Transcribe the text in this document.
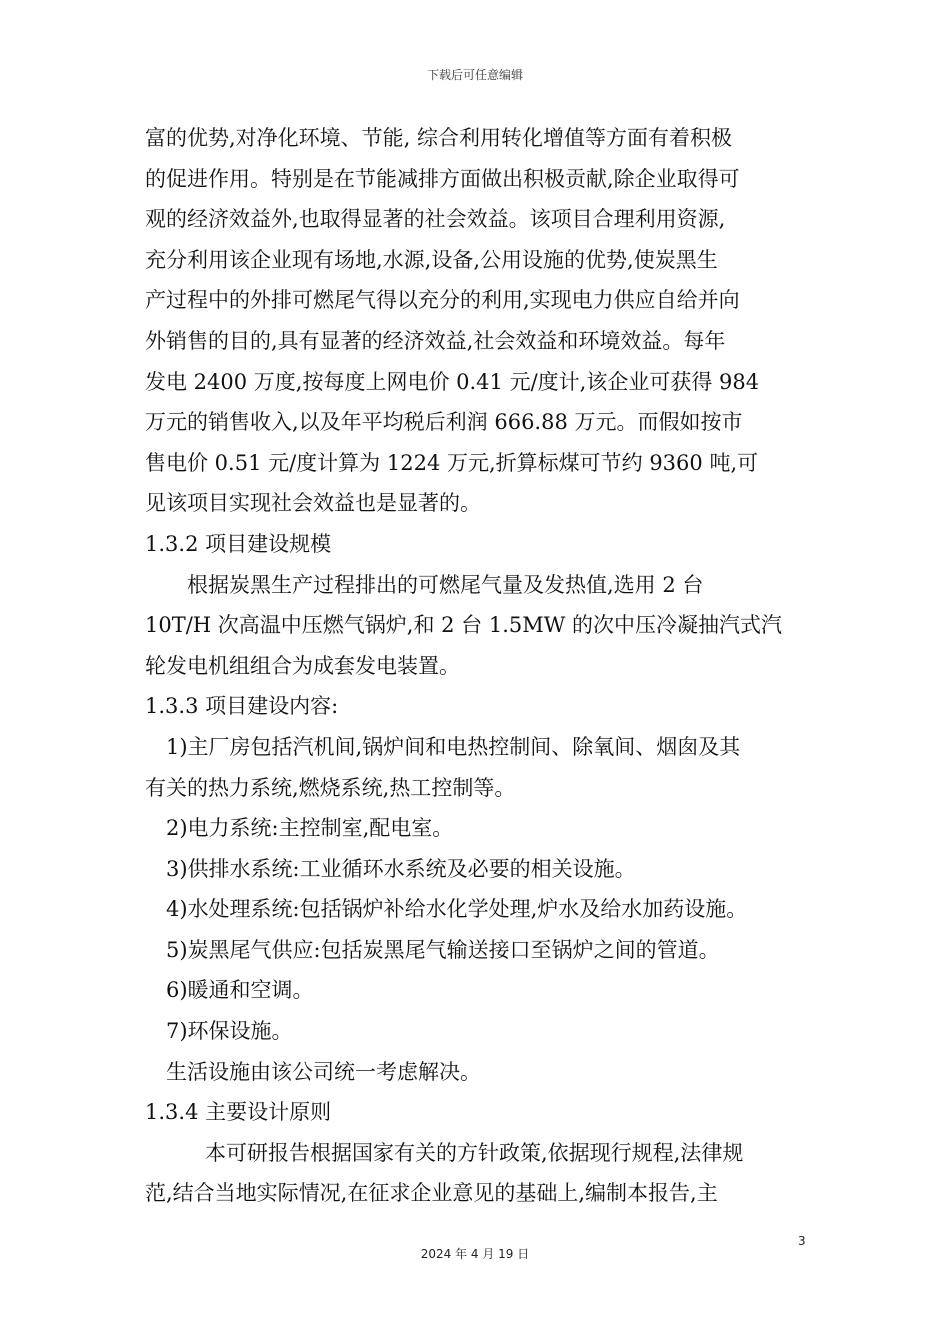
下载后可任意编辑
富的优势,对净化环境、节能, 综合利用转化增值等方面有着积极
的促进作用。特别是在节能减排方面做出积极贡献,除企业取得可
观的经济效益外,也取得显著的社会效益。该项目合理利用资源,
充分利用该企业现有场地,水源,设备,公用设施的优势,使炭黑生
产过程中的外排可燃尾气得以充分的利用,实现电力供应自给并向
外销售的目的,具有显著的经济效益,社会效益和环境效益。每年
发电 2400 万度,按每度上网电价 0.41 元/度计,该企业可获得 984
万元的销售收入,以及年平均税后利润 666.88 万元。而假如按市
售电价 0.51 元/度计算为 1224 万元,折算标煤可节约 9360 吨,可
见该项目实现社会效益也是显著的。
1.3.2 项目建设规模
根据炭黑生产过程排出的可燃尾气量及发热值,选用 2 台
10T/H 次高温中压燃气锅炉,和 2 台 1.5MW 的次中压冷凝抽汽式汽
轮发电机组组合为成套发电装置。
1.3.3 项目建设内容:
1)主厂房包括汽机间,锅炉间和电热控制间、除氧间、烟囱及其
有关的热力系统,燃烧系统,热工控制等。
2)电力系统:主控制室,配电室。
3)供排水系统:工业循环水系统及必要的相关设施。
4)水处理系统:包括锅炉补给水化学处理,炉水及给水加药设施。
5)炭黑尾气供应:包括炭黑尾气输送接口至锅炉之间的管道。
6)暖通和空调。
7)环保设施。
生活设施由该公司统一考虑解决。
1.3.4 主要设计原则
本可研报告根据国家有关的方针政策,依据现行规程,法律规
范,结合当地实际情况,在征求企业意见的基础上,编制本报告,主
3
2024 年 4 月 19 日
